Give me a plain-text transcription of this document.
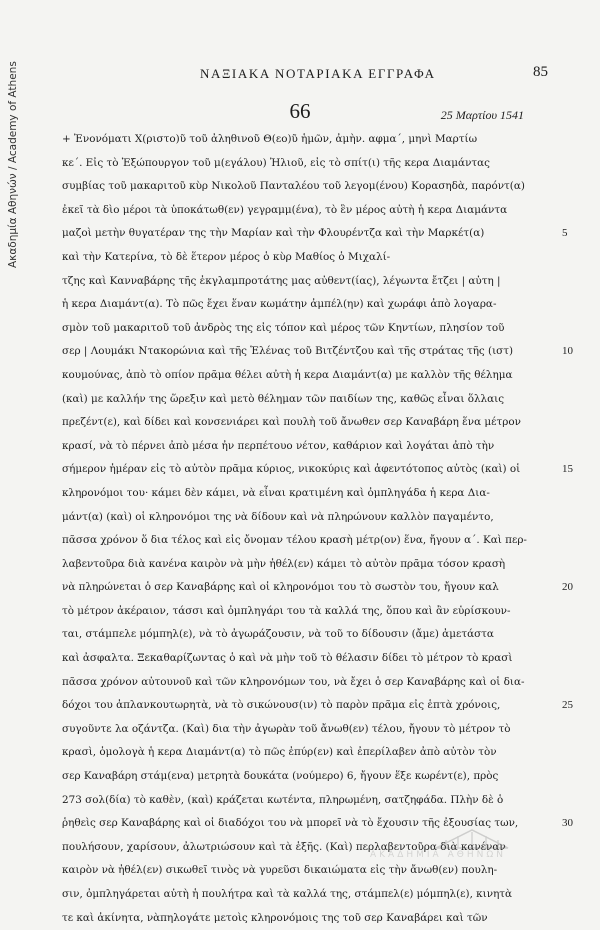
Ακαδημία Αθηνών / Academy of Athens	ΝΑΞΙΑΚΑ ΝΟΤΑΡΙΑΚΑ ΕΓΓΡΑΦΑ	85
66	25 Μαρτίου 1541
+ Ἐνονόματι Χ(ριστο)ῦ τοῦ ἀληθινοῦ Θ(εο)ῦ ἡμῶν, ἀμὴν. αφμα΄, μηνὶ Μαρτίω
κε΄. Εἰς τὸ Ἐξώπουργον τοῦ μ(εγάλου) Ἠλιοῦ, εἰς τὸ σπίτ(ι) τῆς κερα Διαμάντας
συμβίας τοῦ μακαριτοῦ κὺρ Νικολοῦ Πανταλέου τοῦ λεγομ(ένου) Κορασηδὰ, παρόντ(α)
ἐκεῖ τὰ δὶο μέροι τὰ ὑποκάτωθ(εν) γεγραμμ(ένα), τὸ ἓν μέρος αὐτὴ ἡ κερα Διαμάντα
μαζοὶ μετὴν θυγατέραν της τὴν Μαρίαν καὶ τὴν Φλουρέντζα καὶ τὴν Μαρκέτ(α)	5
καὶ τὴν Κατερίνα, τὸ δὲ ἕτερον μέρος ὁ κὺρ Μαθίος ὁ Μιχαλί-
τζης καὶ Κανναβάρης τῆς ἐκγλαμπροτάτης μας αὐθεντ(ίας), λέγωντα ἔτζει | αὐτη |
ἡ κερα Διαμάντ(α). Τὸ πῶς ἔχει ἕναν κωμάτην ἀμπέλ(ην) καὶ χωράφι ἀπὸ λογαρα-
σμὸν τοῦ μακαριτοῦ τοῦ ἀνδρὸς της εἰς τόπον καὶ μέρος τῶν Κηντίων, πλησίον τοῦ
σερ | Λουμάκι Ντακορώνια καὶ τῆς Ἑλένας τοῦ Βιτζέντζου καὶ τῆς στράτας τῆς (ιστ)	10
κουμούνας, ἀπὸ τὸ οπίον πρᾶμα θέλει αὐτὴ ἡ κερα Διαμάντ(α) με καλλὸν τῆς θέλημα
(καὶ) με καλλήν της ὥρεξιν καὶ μετὸ θέλημαν τῶν παιδίων της, καθῶς εἶναι ὅλλαις
πρεζέντ(ε), καὶ δίδει καὶ κονσενιάρει καὶ πουλὴ τοῦ ἄνωθεν σερ Καναβάρη ἕνα μέτρον
κρασί, νὰ τὸ πέρνει ἀπὸ μέσα ἠν περπέτουο νέτον, καθάριον καὶ λογάται ἀπὸ τὴν
σήμερον ἡμέραν εἰς τὸ αὐτὸν πρᾶμα κύριος, νικοκύρις καὶ ἀφεντότοπος αὐτὸς (καὶ) οἱ	15
κληρονόμοι του· κάμει δὲν κάμει, νὰ εἶναι κρατιμένη καὶ ὀμπληγάδα ἡ κερα Δια-
μάντ(α) (καὶ) οἱ κληρονόμοι της νὰ δίδουν καὶ νὰ πληρώνουν καλλὸν παγαμέντο,
πᾶσσα χρόνον ὅ δια τέλος καὶ εἰς ὄνομαν τέλου κρασὴ μέτρ(ον) ἕνα, ἤγουν α΄. Καὶ περ-
λαβεντοῦρα διὰ κανένα καιρὸν νὰ μὴν ἠθέλ(εν) κάμει τὸ αὐτὸν πρᾶμα τόσον κρασὴ
νὰ πληρώνεται ὁ σερ Καναβάρης καὶ οἱ κληρονόμοι του τὸ σωστὸν του, ἤγουν καλ	20
τὸ μέτρον ἀκέραιον, τάσσι καὶ ὀμπληγάρι του τὰ καλλά της, ὅπου καὶ ἂν εὑρίσκουν-
ται, στάμπελε μόμπηλ(ε), νὰ τὸ ἀγωράζουσιν, νὰ τοῦ το δίδουσιν (ἄμε) ἀμετάστα
καὶ ἀσφαλτα. Ξεκαθαρίζωντας ὁ καὶ νὰ μὴν τοῦ τὸ θέλασιν δίδει τὸ μέτρον τὸ κρασὶ
πᾶσσα χρόνον αὐτουνοῦ καὶ τῶν κληρονόμων του, νὰ ἔχει ὁ σερ Καναβάρης καὶ οἱ δια-
δόχοι του ἀπλανκουτωρητὰ, νὰ τὸ σικώνουσ(ιν) τὸ παρὸν πρᾶμα εἰς ἑπτὰ χρόνοις,	25
συγοῦντε λα οζάντζα. (Καὶ) δια τὴν ἀγωρὰν τοῦ ἄνωθ(εν) τέλου, ἤγουν τὸ μέτρον τὸ
κρασὶ, ὁμολογὰ ἡ κερα Διαμάντ(α) τὸ πῶς ἐπύρ(εν) καὶ ἐπερίλαβεν ἀπὸ αὐτὸν τὸν
σερ Καναβάρη στάμ(ενα) μετρητὰ δουκάτα (νούμερο) 6, ἤγουν ἕξε κωρέντ(ε), πρὸς
273 σολ(δία) τὸ καθὲν, (καὶ) κράζεται κωτέντα, πληρωμένη, σατζηφάδα. Πλὴν δὲ ὁ
ῥηθεὶς σερ Καναβάρης καὶ οἱ διαδόχοι του νὰ μπορεῖ νὰ τὸ ἔχουσιν τῆς ἐξουσίας των,	30
πουλήσουν, χαρίσουν, ἀλωτριώσουν καὶ τὰ ἑξῆς. (Καὶ) περλαβεντοῦρα διὰ κανέναν
καιρὸν νὰ ἠθέλ(εν) σικωθεῖ τινὸς νὰ γυρεῦσι δικαιώματα εἰς τὴν ἄνωθ(εν) πουλη-
σιν, ὀμπληγάρεται αὐτὴ ἡ πουλήτρα καὶ τὰ καλλά της, στάμπελ(ε) μόμπηλ(ε), κινητὰ
τε καὶ ἀκίνητα, νὰπηλογάτε μετοὶς κληρονόμοις της τοῦ σερ Καναβάρει καὶ τῶν
ΑΚΑΔΗΜΙΑ ΑΘΗΝΩΝ
